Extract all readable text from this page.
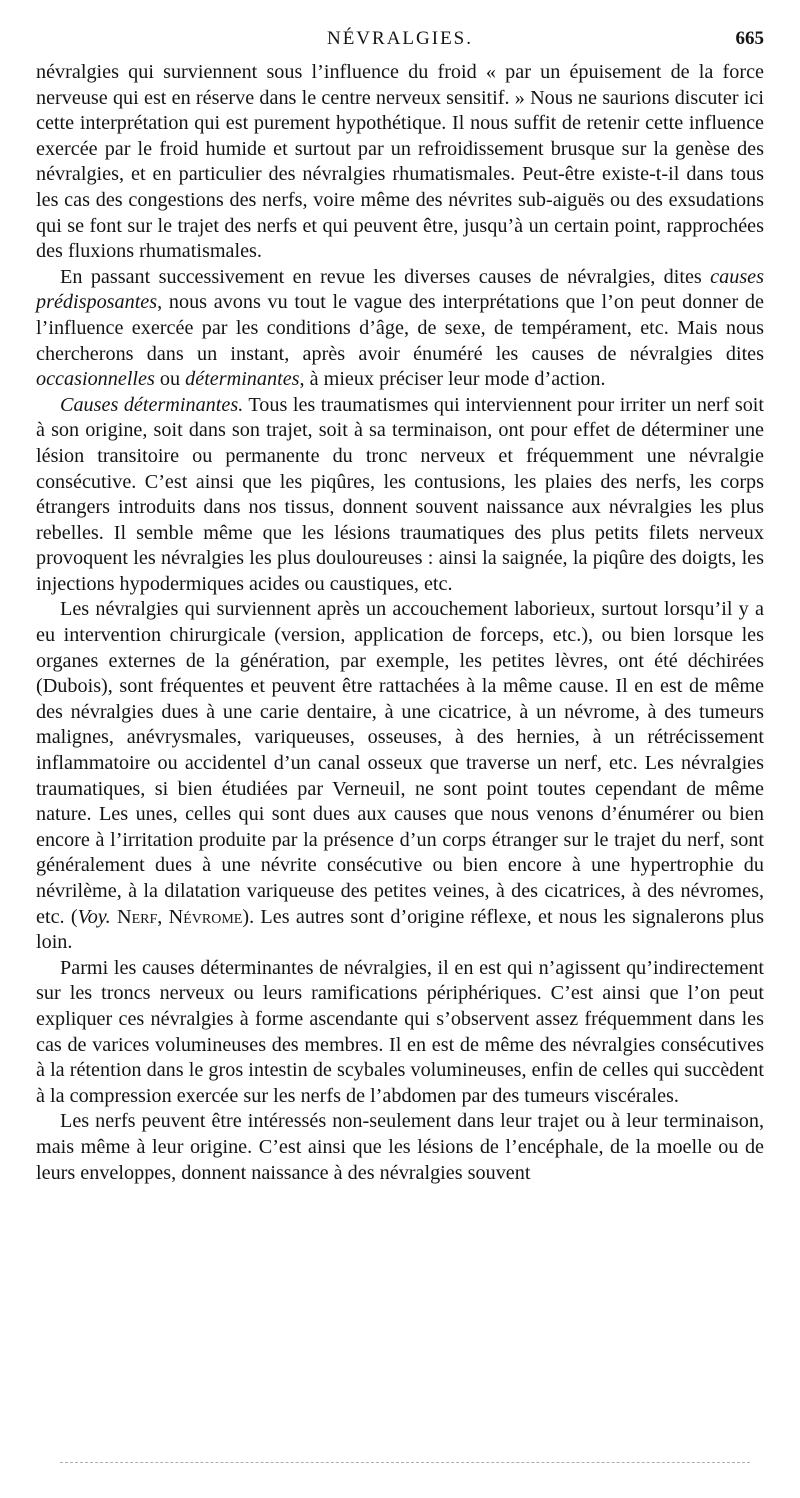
NÉVRALGIES.	665

névralgies qui surviennent sous l’influence du froid « par un épuisement de la force nerveuse qui est en réserve dans le centre nerveux sensitif. » Nous ne saurions discuter ici cette interprétation qui est purement hypothétique. Il nous suffit de retenir cette influence exercée par le froid humide et surtout par un refroidissement brusque sur la genèse des névralgies, et en particulier des névralgies rhumatismales. Peut-être existe-t-il dans tous les cas des congestions des nerfs, voire même des névrites sub-aiguës ou des exsudations qui se font sur le trajet des nerfs et qui peuvent être, jusqu’à un certain point, rapprochées des fluxions rhumatismales.

En passant successivement en revue les diverses causes de névralgies, dites causes prédisposantes, nous avons vu tout le vague des interprétations que l’on peut donner de l’influence exercée par les conditions d’âge, de sexe, de tempérament, etc. Mais nous chercherons dans un instant, après avoir énuméré les causes de névralgies dites occasionnelles ou déterminantes, à mieux préciser leur mode d’action.

Causes déterminantes. Tous les traumatismes qui interviennent pour irriter un nerf soit à son origine, soit dans son trajet, soit à sa terminaison, ont pour effet de déterminer une lésion transitoire ou permanente du tronc nerveux et fréquemment une névralgie consécutive. C’est ainsi que les piqûres, les contusions, les plaies des nerfs, les corps étrangers introduits dans nos tissus, donnent souvent naissance aux névralgies les plus rebelles. Il semble même que les lésions traumatiques des plus petits filets nerveux provoquent les névralgies les plus douloureuses : ainsi la saignée, la piqûre des doigts, les injections hypodermiques acides ou caustiques, etc.

Les névralgies qui surviennent après un accouchement laborieux, surtout lorsqu’il y a eu intervention chirurgicale (version, application de forceps, etc.), ou bien lorsque les organes externes de la génération, par exemple, les petites lèvres, ont été déchirées (Dubois), sont fréquentes et peuvent être rattachées à la même cause. Il en est de même des névralgies dues à une carie dentaire, à une cicatrice, à un névrome, à des tumeurs malignes, anévrysmales, variqueuses, osseuses, à des hernies, à un rétrécissement inflammatoire ou accidentel d’un canal osseux que traverse un nerf, etc. Les névralgies traumatiques, si bien étudiées par Verneuil, ne sont point toutes cependant de même nature. Les unes, celles qui sont dues aux causes que nous venons d’énumérer ou bien encore à l’irritation produite par la présence d’un corps étranger sur le trajet du nerf, sont généralement dues à une névrite consécutive ou bien encore à une hypertrophie du névrilème, à la dilatation variqueuse des petites veines, à des cicatrices, à des névromes, etc. (Voy. Nerf, Névrome). Les autres sont d’origine réflexe, et nous les signalerons plus loin.

Parmi les causes déterminantes de névralgies, il en est qui n’agissent qu’indirectement sur les troncs nerveux ou leurs ramifications périphériques. C’est ainsi que l’on peut expliquer ces névralgies à forme ascendante qui s’observent assez fréquemment dans les cas de varices volumineuses des membres. Il en est de même des névralgies consécutives à la rétention dans le gros intestin de scybales volumineuses, enfin de celles qui succèdent à la compression exercée sur les nerfs de l’abdomen par des tumeurs viscérales.

Les nerfs peuvent être intéressés non-seulement dans leur trajet ou à leur terminaison, mais même à leur origine. C’est ainsi que les lésions de l’encéphale, de la moelle ou de leurs enveloppes, donnent naissance à des névralgies souvent
